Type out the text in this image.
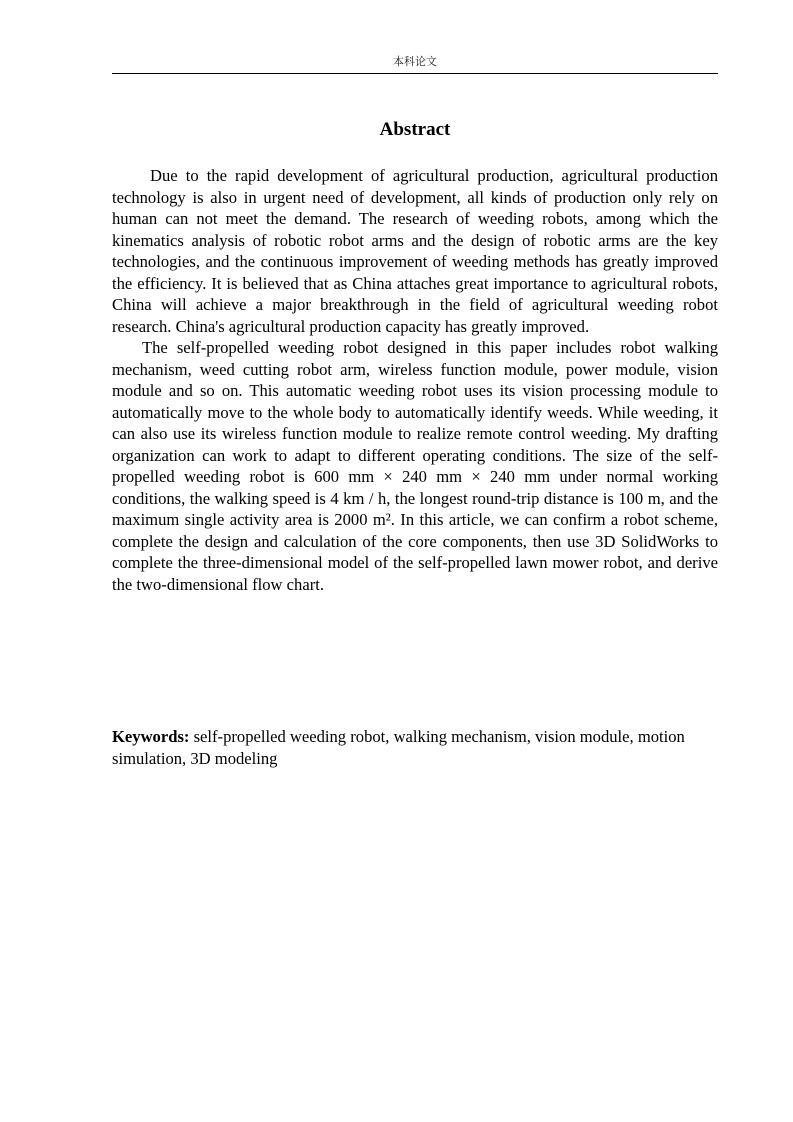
本科论文
Abstract

Due to the rapid development of agricultural production, agricultural production technology is also in urgent need of development, all kinds of production only rely on human can not meet the demand. The research of weeding robots, among which the kinematics analysis of robotic robot arms and the design of robotic arms are the key technologies, and the continuous improvement of weeding methods has greatly improved the efficiency. It is believed that as China attaches great importance to agricultural robots, China will achieve a major breakthrough in the field of agricultural weeding robot research. China's agricultural production capacity has greatly improved.

The self-propelled weeding robot designed in this paper includes robot walking mechanism, weed cutting robot arm, wireless function module, power module, vision module and so on. This automatic weeding robot uses its vision processing module to automatically move to the whole body to automatically identify weeds. While weeding, it can also use its wireless function module to realize remote control weeding. My drafting organization can work to adapt to different operating conditions. The size of the self-propelled weeding robot is 600 mm × 240 mm × 240 mm under normal working conditions, the walking speed is 4 km / h, the longest round-trip distance is 100 m, and the maximum single activity area is 2000 m². In this article, we can confirm a robot scheme, complete the design and calculation of the core components, then use 3D SolidWorks to complete the three-dimensional model of the self-propelled lawn mower robot, and derive the two-dimensional flow chart.

Keywords: self-propelled weeding robot, walking mechanism, vision module, motion simulation, 3D modeling
